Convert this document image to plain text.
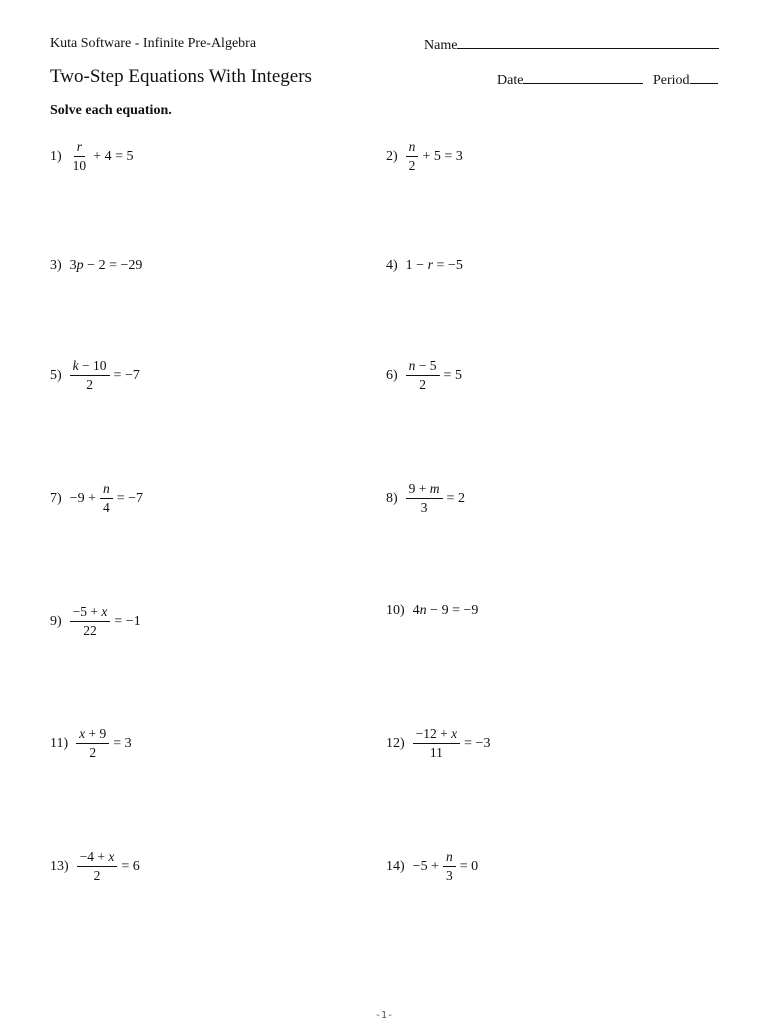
Kuta Software - Infinite Pre-Algebra	Name
Two-Step Equations With Integers	Date	Period
Solve each equation.
$1) \frac{r}{10} + 4 = 5$	$2) \frac{n}{2} + 5 = 3$
3) 3p − 2 = −29	4) 1 − r = −5
$5) \frac{k - 10}{2} = -7$	$6) \frac{n - 5}{2} = 5$
$7) -9 + \frac{n}{4} = -7$	$8) \frac{9 + m}{3} = 2$
$9) \frac{-5 + x}{22} = -1$
10) 4n − 9 = −9
$11) \frac{x + 9}{2} = 3$	$12) \frac{-12 + x}{11} = -3$
$13) \frac{-4 + x}{2} = 6$	$14) -5 + \frac{n}{3} = 0$
-1-
